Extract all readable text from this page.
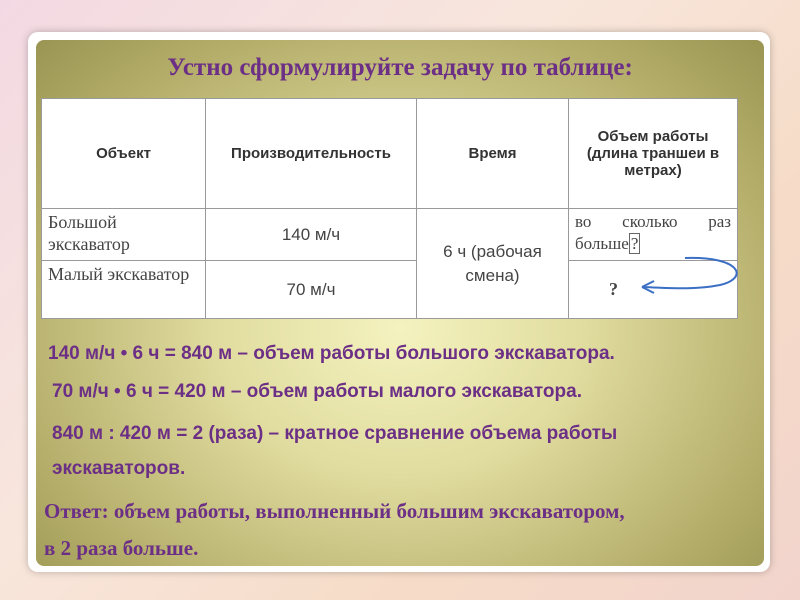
Устно сформулируйте задачу по таблице:
Объект	Производительность	Время	Объем работы (длина траншеи в метрах)
Большой экскаватор	140 м/ч	6 ч (рабочая смена)	во сколько раз больше ?
Малый экскаватор	70 м/ч		?
140 м/ч • 6 ч = 840 м – объем работы большого экскаватора.
70 м/ч • 6 ч = 420 м – объем работы малого экскаватора.
840 м : 420 м = 2 (раза) – кратное сравнение объема работы
экскаваторов.
Ответ: объем работы, выполненный большим экскаватором,
в 2 раза больше.
